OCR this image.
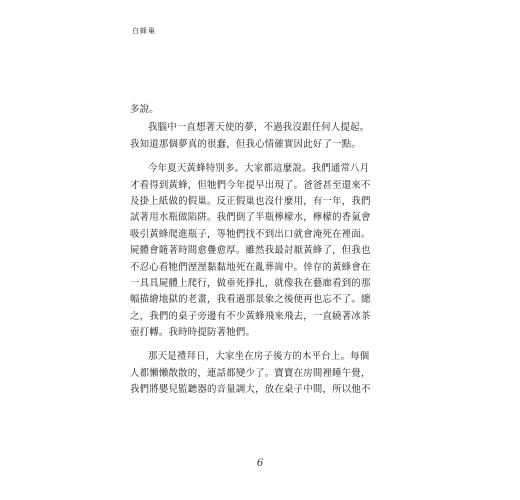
白蜂巢
多說。
我腦中一直想著天使的夢，不過我沒跟任何人提起。
我知道那個夢真的很蠢，但我心情確實因此好了一點。
今年夏天黃蜂特別多。大家都這麼說。我們通常八月
才看得到黃蜂，但牠們今年提早出現了。爸爸甚至還來不
及掛上紙做的假巢。反正假巢也沒什麼用，有一年，我們
試著用水瓶做陷阱。我們倒了半瓶檸檬水，檸檬的香氣會
吸引黃蜂爬進瓶子，等牠們找不到出口就會淹死在裡面。
屍體會隨著時間愈疊愈厚。雖然我最討厭黃蜂了，但我也
不忍心看牠們溼溼黏黏地死在亂葬崗中。倖存的黃蜂會在
一具具屍體上爬行，做垂死掙扎，就像我在藝廊看到的那
幅描繪地獄的老畫，我看過那景象之後便再也忘不了。總
之，我們的桌子旁邊有不少黃蜂飛來飛去，一直繞著冰茶
壺打轉。我時時提防著牠們。
那天是禮拜日，大家坐在房子後方的木平台上。每個
人都懶懶散散的，連話都變少了。寶寶在房間裡睡午覺，
我們將嬰兒監聽器的音量調大，放在桌子中間，所以他不
6
